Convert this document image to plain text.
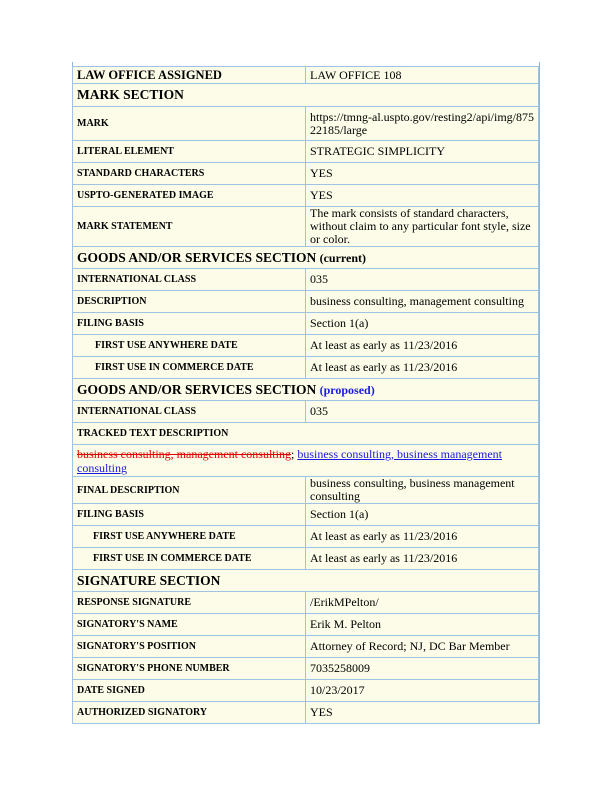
LAW OFFICE ASSIGNED	LAW OFFICE 108
MARK SECTION	
MARK	https://tmng-al.uspto.gov/resting2/api/img/87522185/large
LITERAL ELEMENT	STRATEGIC SIMPLICITY
STANDARD CHARACTERS	YES
USPTO-GENERATED IMAGE	YES
MARK STATEMENT	The mark consists of standard characters, without claim to any particular font style, size or color.
GOODS AND/OR SERVICES SECTION (current)	
INTERNATIONAL CLASS	035
DESCRIPTION	business consulting, management consulting
FILING BASIS	Section 1(a)
FIRST USE ANYWHERE DATE	At least as early as 11/23/2016
FIRST USE IN COMMERCE DATE	At least as early as 11/23/2016
GOODS AND/OR SERVICES SECTION (proposed)	
INTERNATIONAL CLASS	035
TRACKED TEXT DESCRIPTION	
business consulting, management consulting; business consulting, business management consulting	
FINAL DESCRIPTION	business consulting, business management consulting
FILING BASIS	Section 1(a)
FIRST USE ANYWHERE DATE	At least as early as 11/23/2016
FIRST USE IN COMMERCE DATE	At least as early as 11/23/2016
SIGNATURE SECTION	
RESPONSE SIGNATURE	/ErikMPelton/
SIGNATORY'S NAME	Erik M. Pelton
SIGNATORY'S POSITION	Attorney of Record; NJ, DC Bar Member
SIGNATORY'S PHONE NUMBER	7035258009
DATE SIGNED	10/23/2017
AUTHORIZED SIGNATORY	YES
